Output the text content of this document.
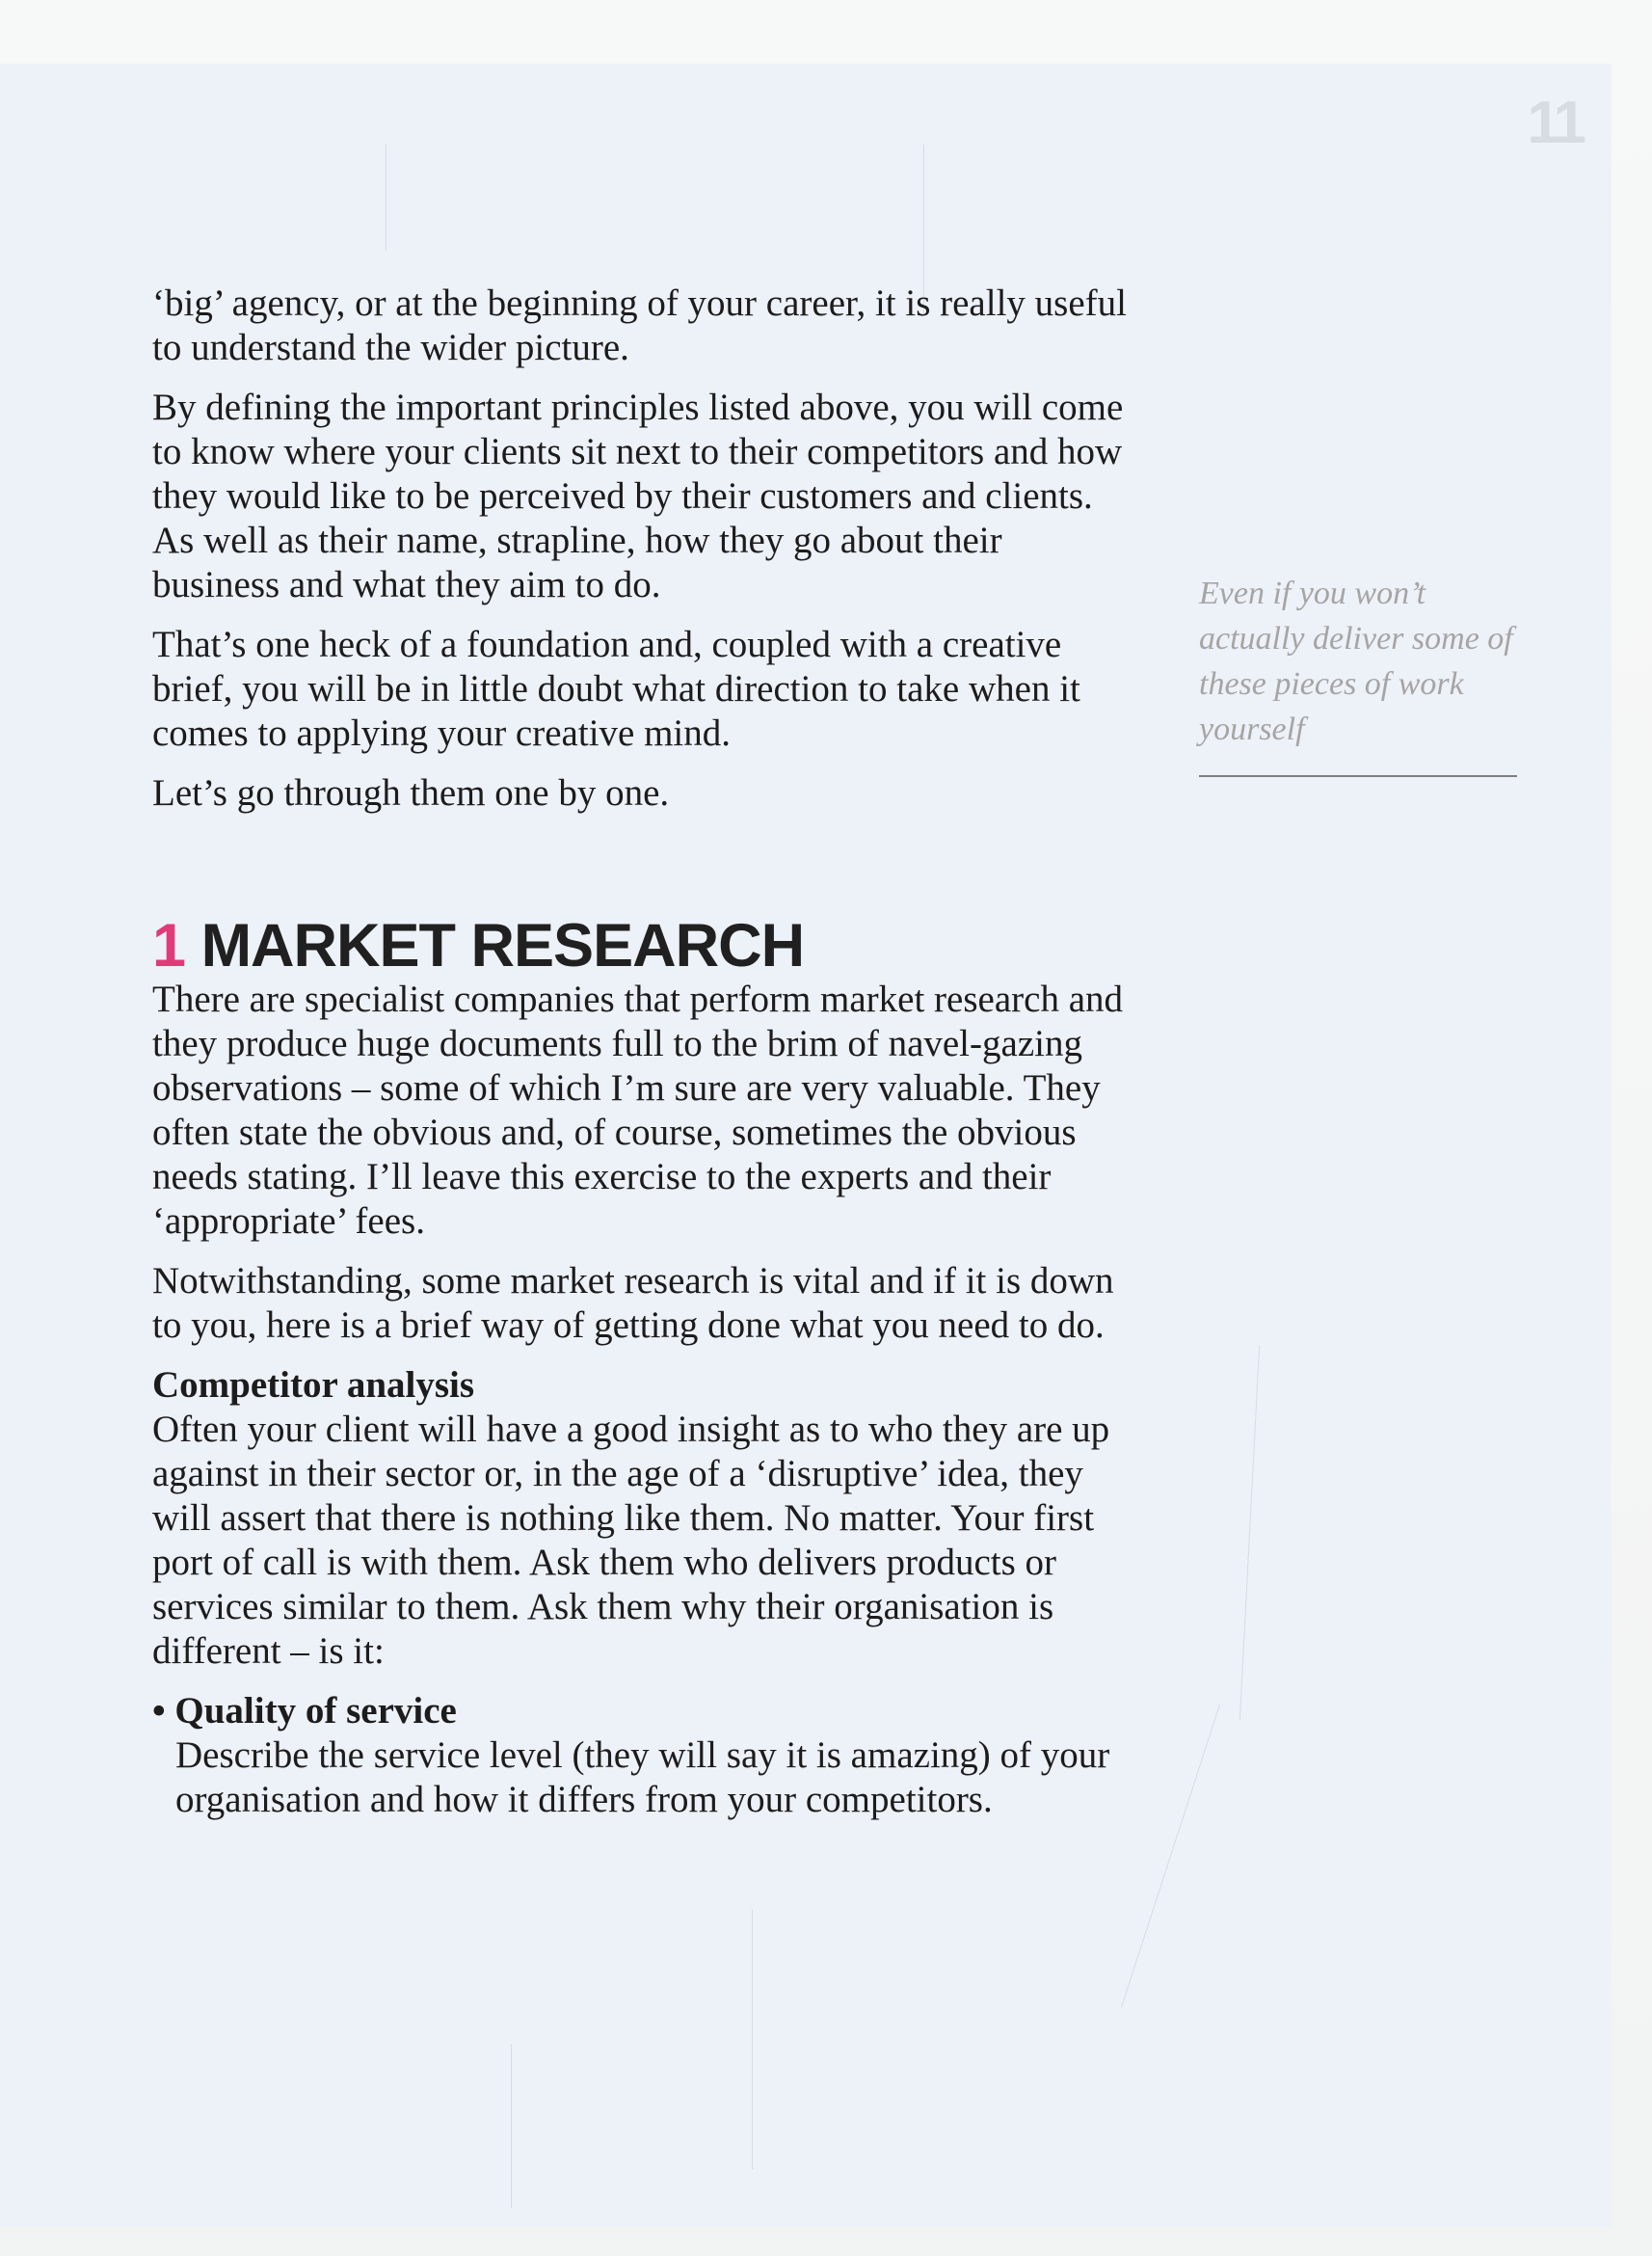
11

‘big’ agency, or at the beginning of your career, it is really useful to understand the wider picture.

By defining the important principles listed above, you will come to know where your clients sit next to their competitors and how they would like to be perceived by their customers and clients. As well as their name, strapline, how they go about their business and what they aim to do.

That’s one heck of a foundation and, coupled with a creative brief, you will be in little doubt what direction to take when it comes to applying your creative mind.

Let’s go through them one by one.

1 MARKET RESEARCH

There are specialist companies that perform market research and they produce huge documents full to the brim of navel-gazing observations – some of which I’m sure are very valuable. They often state the obvious and, of course, sometimes the obvious needs stating. I’ll leave this exercise to the experts and their ‘appropriate’ fees.

Notwithstanding, some market research is vital and if it is down to you, here is a brief way of getting done what you need to do.

Competitor analysis

Often your client will have a good insight as to who they are up against in their sector or, in the age of a ‘disruptive’ idea, they will assert that there is nothing like them. No matter. Your first port of call is with them. Ask them who delivers products or services similar to them. Ask them why their organisation is different – is it:

• Quality of service

Describe the service level (they will say it is amazing) of your organisation and how it differs from your competitors.

Even if you won’t actually deliver some of these pieces of work yourself
